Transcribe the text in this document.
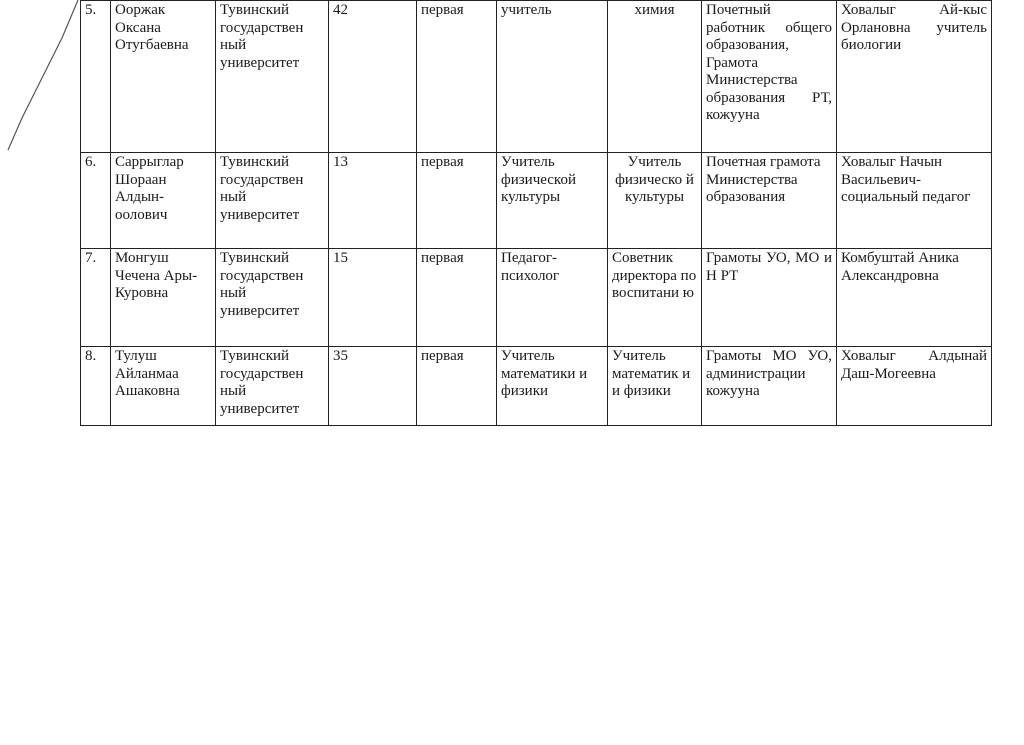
5.	Ооржак Оксана Отугбаевна	Тувинский государствен ный университет	42	первая	учитель	химия	Почетный работник общего образования, Грамота Министерства образования РТ, кожууна	Ховалыг Ай-кыс Орлановна учитель биологии
6.	Саррыглар Шораан Алдын-оолович	Тувинский государствен ный университет	13	первая	Учитель физической культуры	Учитель физическо й культуры	Почетная грамота Министерства образования	Ховалыг Начын Васильевич-социальный педагог
7.	Монгуш Чечена Ары-Куровна	Тувинский государствен ный университет	15	первая	Педагог-психолог	Советник директора по воспитани ю	Грамоты УО, МО и Н РТ	Комбуштай Аника Александровна
8.	Тулуш Айланмаа Ашаковна	Тувинский государствен ный университет	35	первая	Учитель математики и физики	Учитель математик и и физики	Грамоты МО УО, администрации кожууна	Ховалыг Алдынай Даш-Могеевна
